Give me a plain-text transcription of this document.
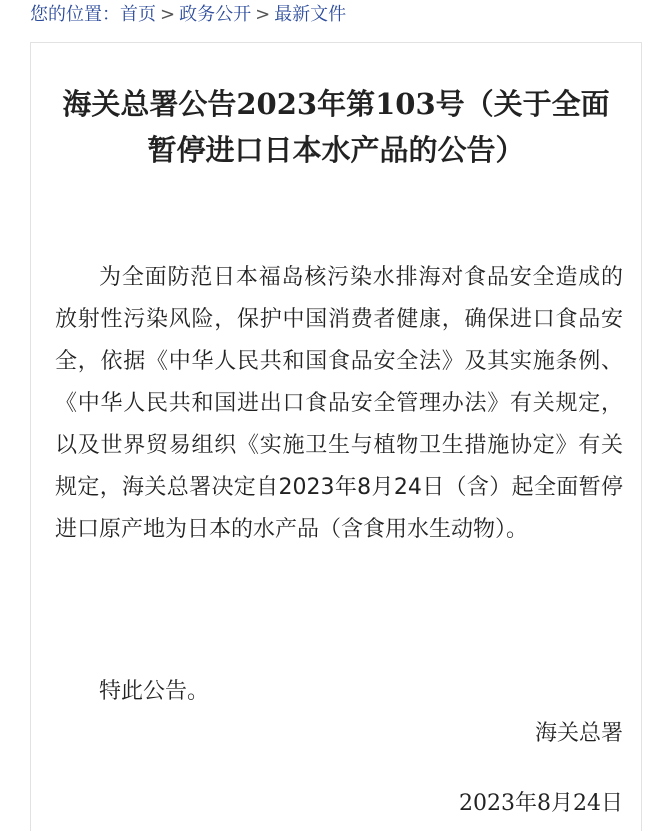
您的位置：首页 > 政务公开 > 最新文件
海关总署公告2023年第103号（关于全面暂停进口日本水产品的公告）
为全面防范日本福岛核污染水排海对食品安全造成的放射性污染风险，保护中国消费者健康，确保进口食品安全，依据《中华人民共和国食品安全法》及其实施条例、《中华人民共和国进出口食品安全管理办法》有关规定，以及世界贸易组织《实施卫生与植物卫生措施协定》有关规定，海关总署决定自2023年8月24日（含）起全面暂停进口原产地为日本的水产品（含食用水生动物）。
特此公告。
海关总署
2023年8月24日
